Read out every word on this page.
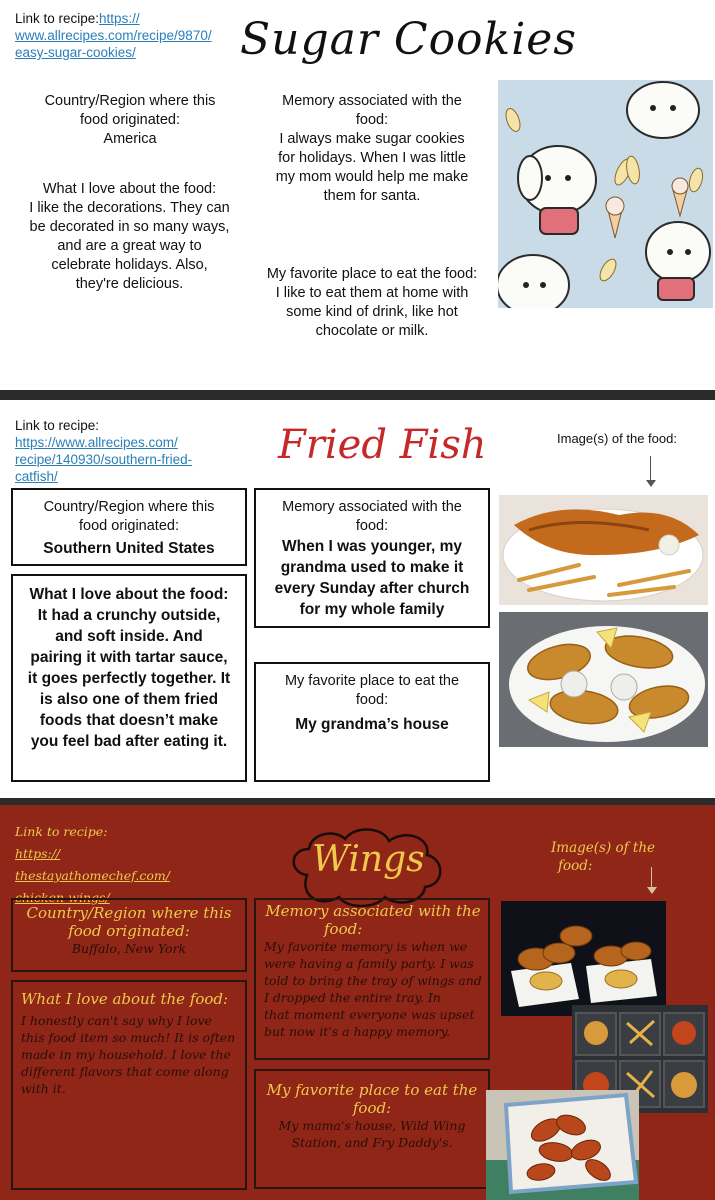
Link to recipe:https://
www.allrecipes.com/recipe/9870/
easy-sugar-cookies/	Sugar Cookies
Country/Region where this
food originated:
America
What I love about the food:
I like the decorations. They can
be decorated in so many ways,
and are a great way to
celebrate holidays. Also,
they're delicious.
Memory associated with the
food:
I always make sugar cookies
for holidays. When I was little
my mom would help me make
them for santa.
My favorite place to eat the food:
I like to eat them at home with
some kind of drink, like hot
chocolate or milk.
Link to recipe:
https://www.allrecipes.com/
recipe/140930/southern-fried-
catfish/
Fried Fish	Image(s) of the food:
Country/Region where this
food originated:
Southern United States
What I love about the food:
It had a crunchy outside,
and soft inside. And
pairing it with tartar sauce,
it goes perfectly together. It
is also one of them fried
foods that doesn’t make
you feel bad after eating it.
Memory associated with the
food:
When I was younger, my
grandma used to make it
every Sunday after church
for my whole family
My favorite place to eat the
food:
My grandma’s house
Link to recipe:
https://
thestayathomechef.com/
chicken-wings/
Wings	Image(s) of the
food:
Country/Region where this
food originated:
Buffalo, New York
What I love about the food:
I honestly can't say why I love
this food item so much! It is often
made in my household. I love the
different flavors that come along
with it.
Memory associated with the
food:
My favorite memory is when we
were having a family party. I was
told to bring the tray of wings and
I dropped the entire tray. In
that moment everyone was upset
but now it's a happy memory.
My favorite place to eat the
food:
My mama's house, Wild Wing
Station, and Fry Daddy's.
